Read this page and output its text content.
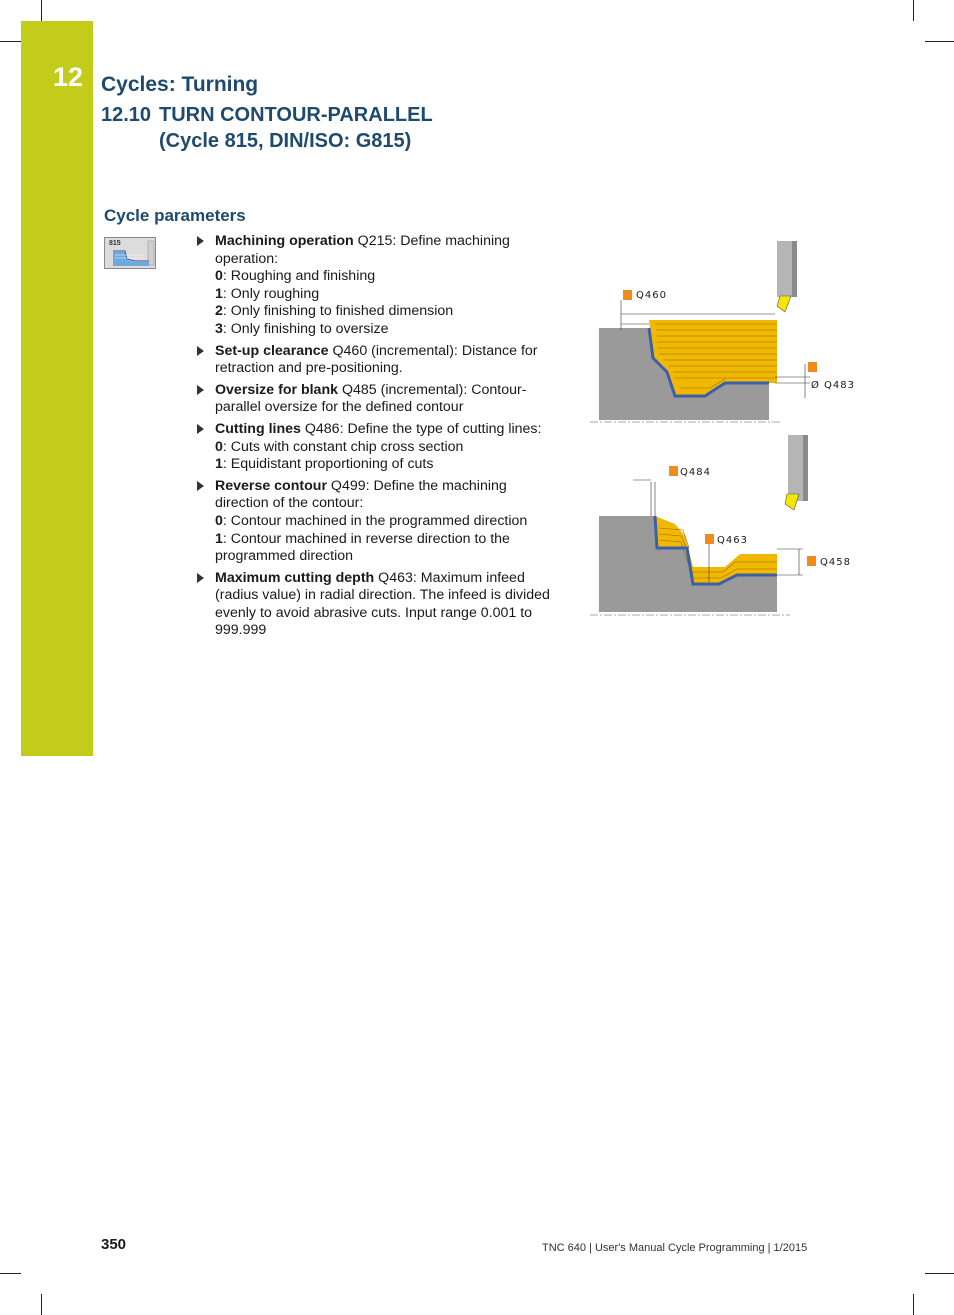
12 Cycles: Turning
12.10 TURN CONTOUR-PARALLEL
(Cycle 815, DIN/ISO: G815)
Cycle parameters
815	Machining operation Q215: Define machining operation:
0: Roughing and finishing
1: Only roughing
2: Only finishing to finished dimension
3: Only finishing to oversize
Set-up clearance Q460 (incremental): Distance for retraction and pre-positioning.
Oversize for blank Q485 (incremental): Contour-parallel oversize for the defined contour
Cutting lines Q486: Define the type of cutting lines:
0: Cuts with constant chip cross section
1: Equidistant proportioning of cuts
Reverse contour Q499: Define the machining direction of the contour:
0: Contour machined in the programmed direction
1: Contour machined in reverse direction to the programmed direction
Maximum cutting depth Q463: Maximum infeed (radius value) in radial direction. The infeed is divided evenly to avoid abrasive cuts. Input range 0.001 to 999.999
Q460
Ø Q483
Q484
Q463
Q458
350	TNC 640 | User's Manual Cycle Programming | 1/2015
